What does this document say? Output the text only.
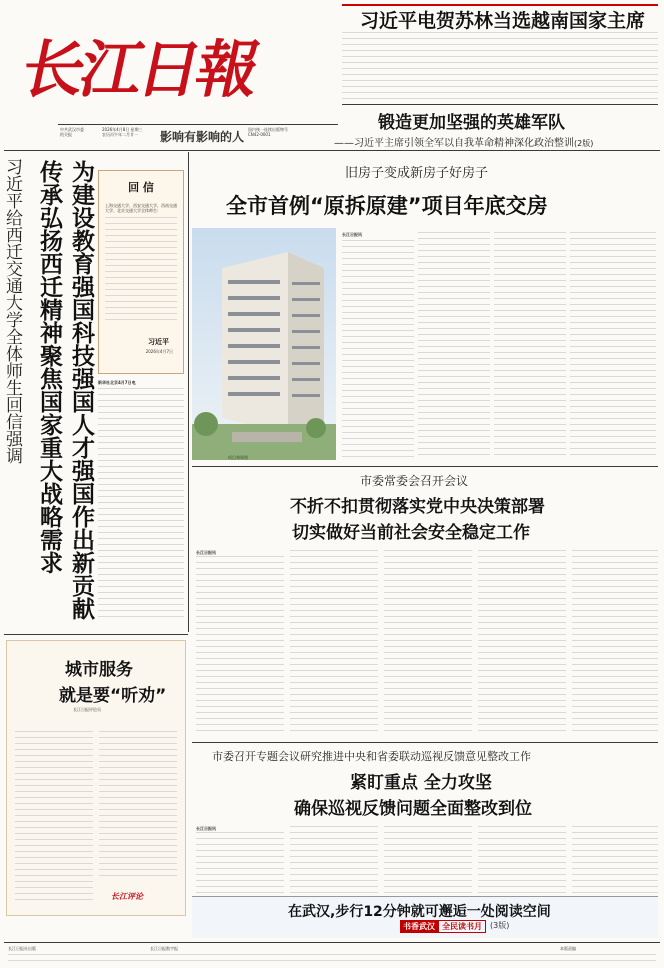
长江日報
中共武汉市委
机关报
2026年4月8日 星期三
农历丙午年二月廿一	影响有影响的人
国内统一连续出版物号
CN42-0001
习近平电贺苏林当选越南国家主席
锻造更加坚强的英雄军队
——习近平主席引领全军以自我革命精神深化政治整训(2版)
习近平给西迁交通大学全体师生回信强调 为建设教育强国科技强国人才强国作出新贡献
传承弘扬西迁精神聚焦国家重大战略需求	回 信
上海交通大学、西安交通大学、西南交通大学、北京交通大学全体师生:
习近平
2026年4月7日
新华社北京4月7日电
旧房子变成新房子好房子
全市首例“原拆原建”项目年底交房
项目效果图
长江日报讯
市委常委会召开会议
不折不扣贯彻落实党中央决策部署
切实做好当前社会安全稳定工作
长江日报讯
城市服务
就是要“听劝”
长江日报评论员
长江评论
市委召开专题会议研究推进中央和省委联动巡视反馈意见整改工作
紧盯重点 全力攻坚
确保巡视反馈问题全面整改到位
长江日报讯
在武汉,步行12分钟就可邂逅一处阅读空间
书香武汉 全民读书月	(3版)
长江日报社出版	长江日报数字报	本版责编
